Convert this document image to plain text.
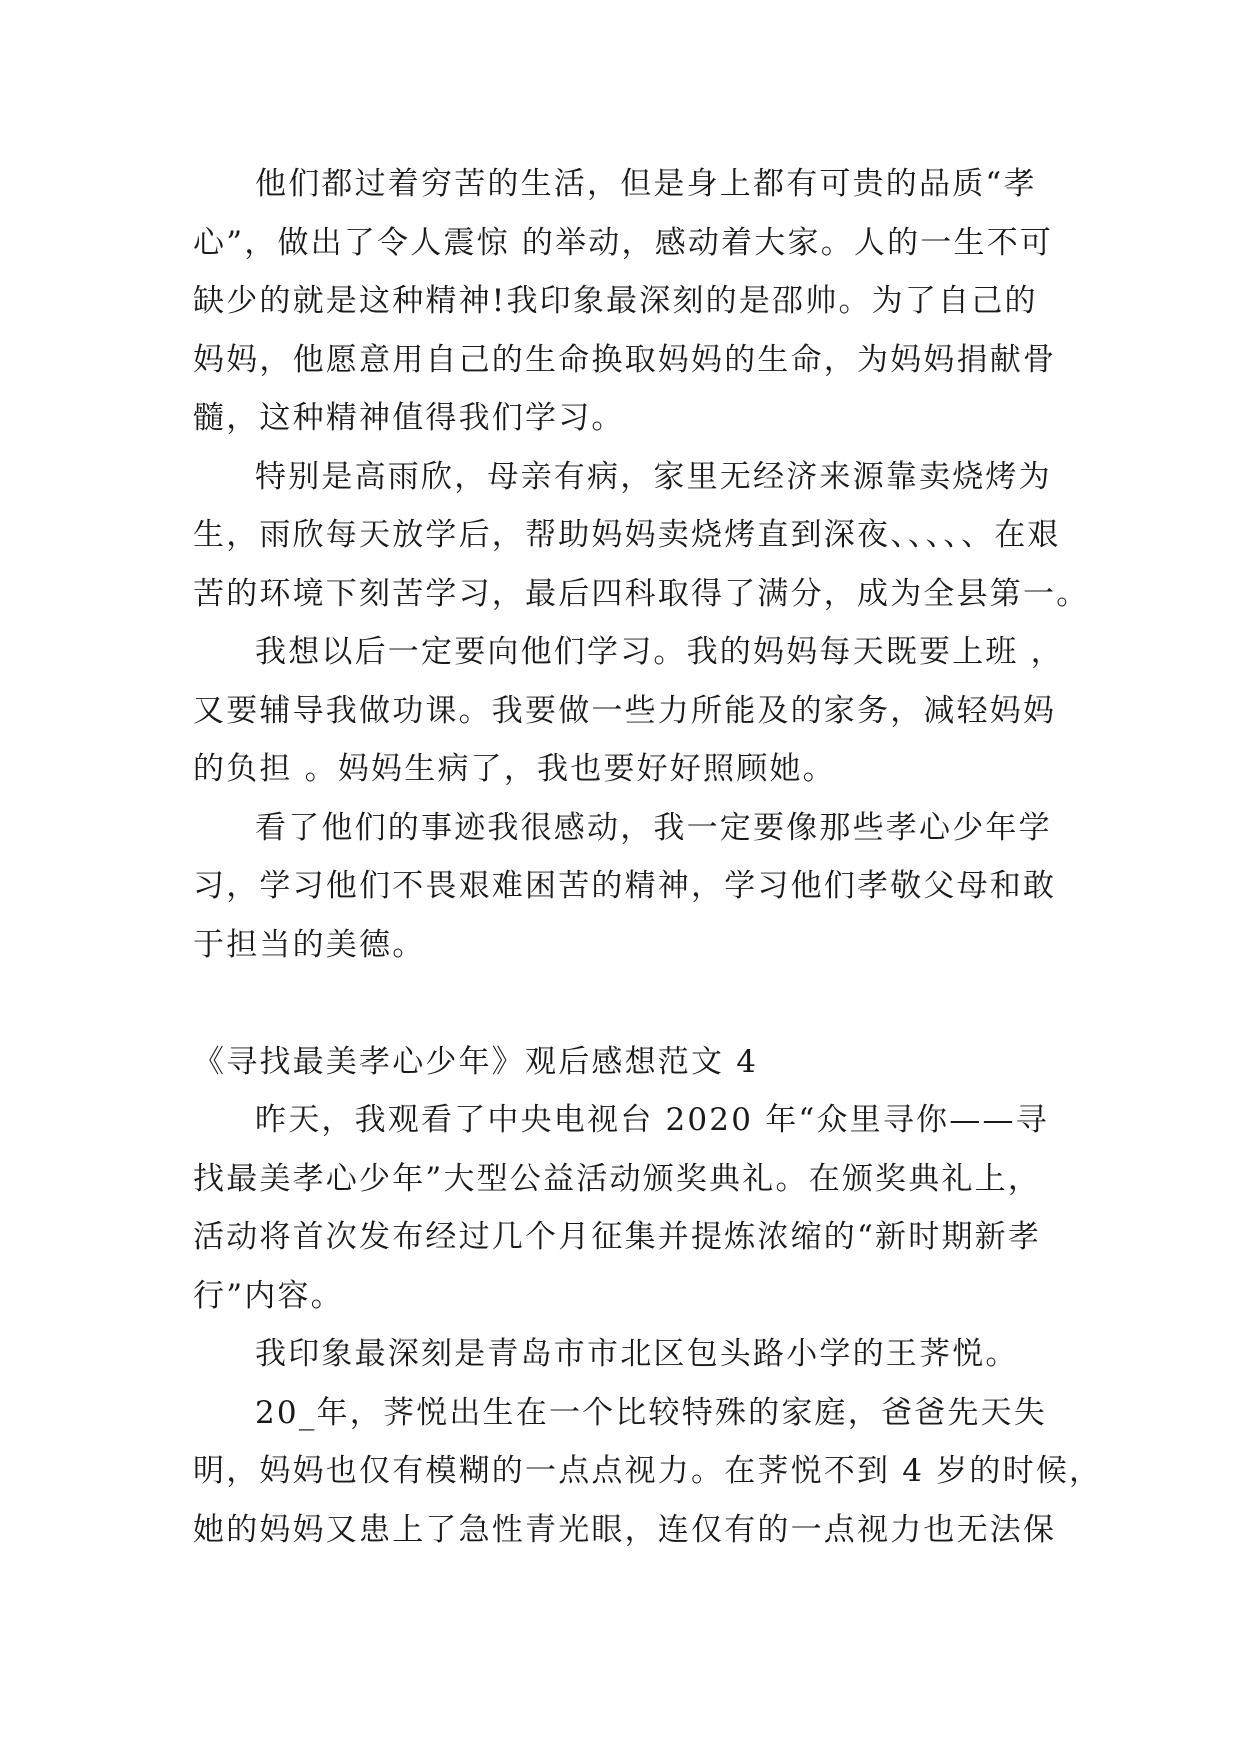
他们都过着穷苦的生活，但是身上都有可贵的品质“孝
心”，做出了令人震惊 的举动，感动着大家。人的一生不可
缺少的就是这种精神!我印象最深刻的是邵帅。为了自己的
妈妈，他愿意用自己的生命换取妈妈的生命，为妈妈捐献骨
髓，这种精神值得我们学习。
特别是高雨欣，母亲有病，家里无经济来源靠卖烧烤为
生，雨欣每天放学后，帮助妈妈卖烧烤直到深夜、、、、、在艰
苦的环境下刻苦学习，最后四科取得了满分，成为全县第一。
我想以后一定要向他们学习。我的妈妈每天既要上班 ，
又要辅导我做功课。我要做一些力所能及的家务，减轻妈妈
的负担 。妈妈生病了，我也要好好照顾她。
看了他们的事迹我很感动，我一定要像那些孝心少年学
习，学习他们不畏艰难困苦的精神，学习他们孝敬父母和敢
于担当的美德。
《寻找最美孝心少年》观后感想范文 4
昨天，我观看了中央电视台 2020 年“众里寻你——寻
找最美孝心少年”大型公益活动颁奖典礼。在颁奖典礼上，
活动将首次发布经过几个月征集并提炼浓缩的“新时期新孝
行”内容。
我印象最深刻是青岛市市北区包头路小学的王荠悦。
20_年，荠悦出生在一个比较特殊的家庭，爸爸先天失
明，妈妈也仅有模糊的一点点视力。在荠悦不到 4 岁的时候，
她的妈妈又患上了急性青光眼，连仅有的一点视力也无法保
